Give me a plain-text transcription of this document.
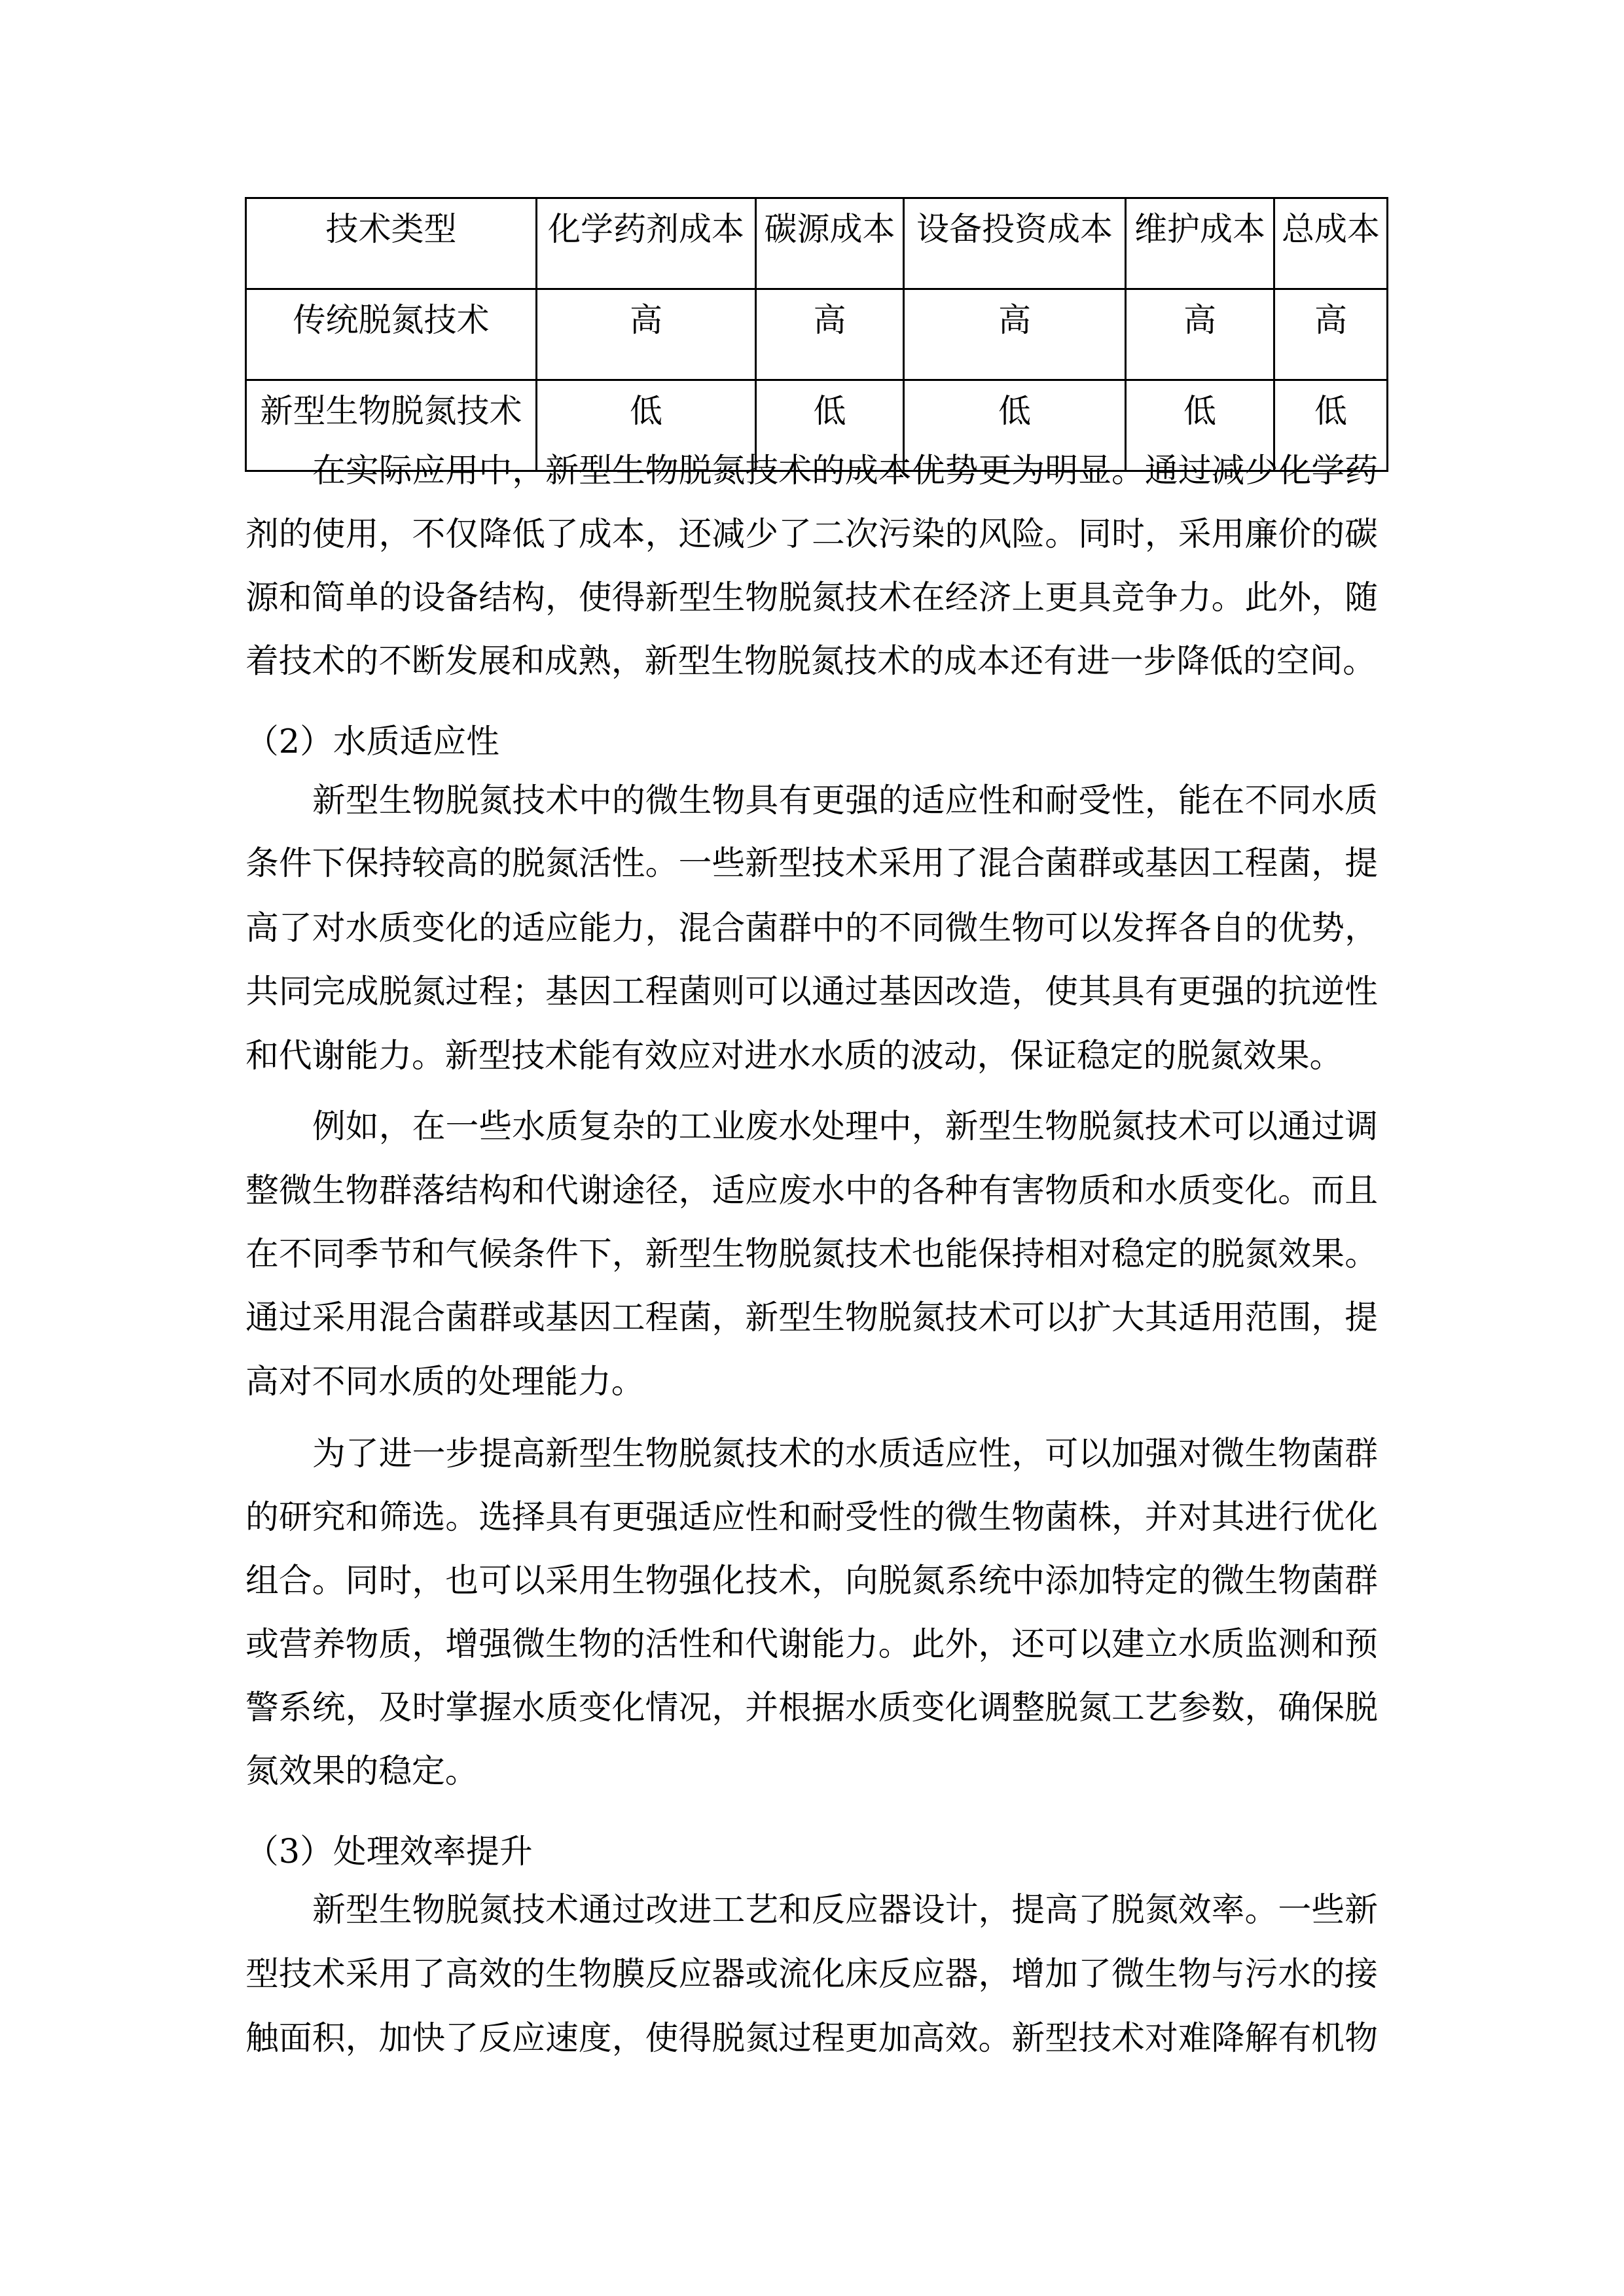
技术类型	化学药剂成本	碳源成本	设备投资成本	维护成本	总成本
传统脱氮技术	高	高	高	高	高
新型生物脱氮技术	低	低	低	低	低
在实际应用中，新型生物脱氮技术的成本优势更为明显。通过减少化学药
剂的使用，不仅降低了成本，还减少了二次污染的风险。同时，采用廉价的碳
源和简单的设备结构，使得新型生物脱氮技术在经济上更具竞争力。此外，随
着技术的不断发展和成熟，新型生物脱氮技术的成本还有进一步降低的空间。
（2）水质适应性
新型生物脱氮技术中的微生物具有更强的适应性和耐受性，能在不同水质
条件下保持较高的脱氮活性。一些新型技术采用了混合菌群或基因工程菌，提
高了对水质变化的适应能力，混合菌群中的不同微生物可以发挥各自的优势，
共同完成脱氮过程；基因工程菌则可以通过基因改造，使其具有更强的抗逆性
和代谢能力。新型技术能有效应对进水水质的波动，保证稳定的脱氮效果。
例如，在一些水质复杂的工业废水处理中，新型生物脱氮技术可以通过调
整微生物群落结构和代谢途径，适应废水中的各种有害物质和水质变化。而且
在不同季节和气候条件下，新型生物脱氮技术也能保持相对稳定的脱氮效果。
通过采用混合菌群或基因工程菌，新型生物脱氮技术可以扩大其适用范围，提
高对不同水质的处理能力。
为了进一步提高新型生物脱氮技术的水质适应性，可以加强对微生物菌群
的研究和筛选。选择具有更强适应性和耐受性的微生物菌株，并对其进行优化
组合。同时，也可以采用生物强化技术，向脱氮系统中添加特定的微生物菌群
或营养物质，增强微生物的活性和代谢能力。此外，还可以建立水质监测和预
警系统，及时掌握水质变化情况，并根据水质变化调整脱氮工艺参数，确保脱
氮效果的稳定。
（3）处理效率提升
新型生物脱氮技术通过改进工艺和反应器设计，提高了脱氮效率。一些新
型技术采用了高效的生物膜反应器或流化床反应器，增加了微生物与污水的接
触面积，加快了反应速度，使得脱氮过程更加高效。新型技术对难降解有机物
